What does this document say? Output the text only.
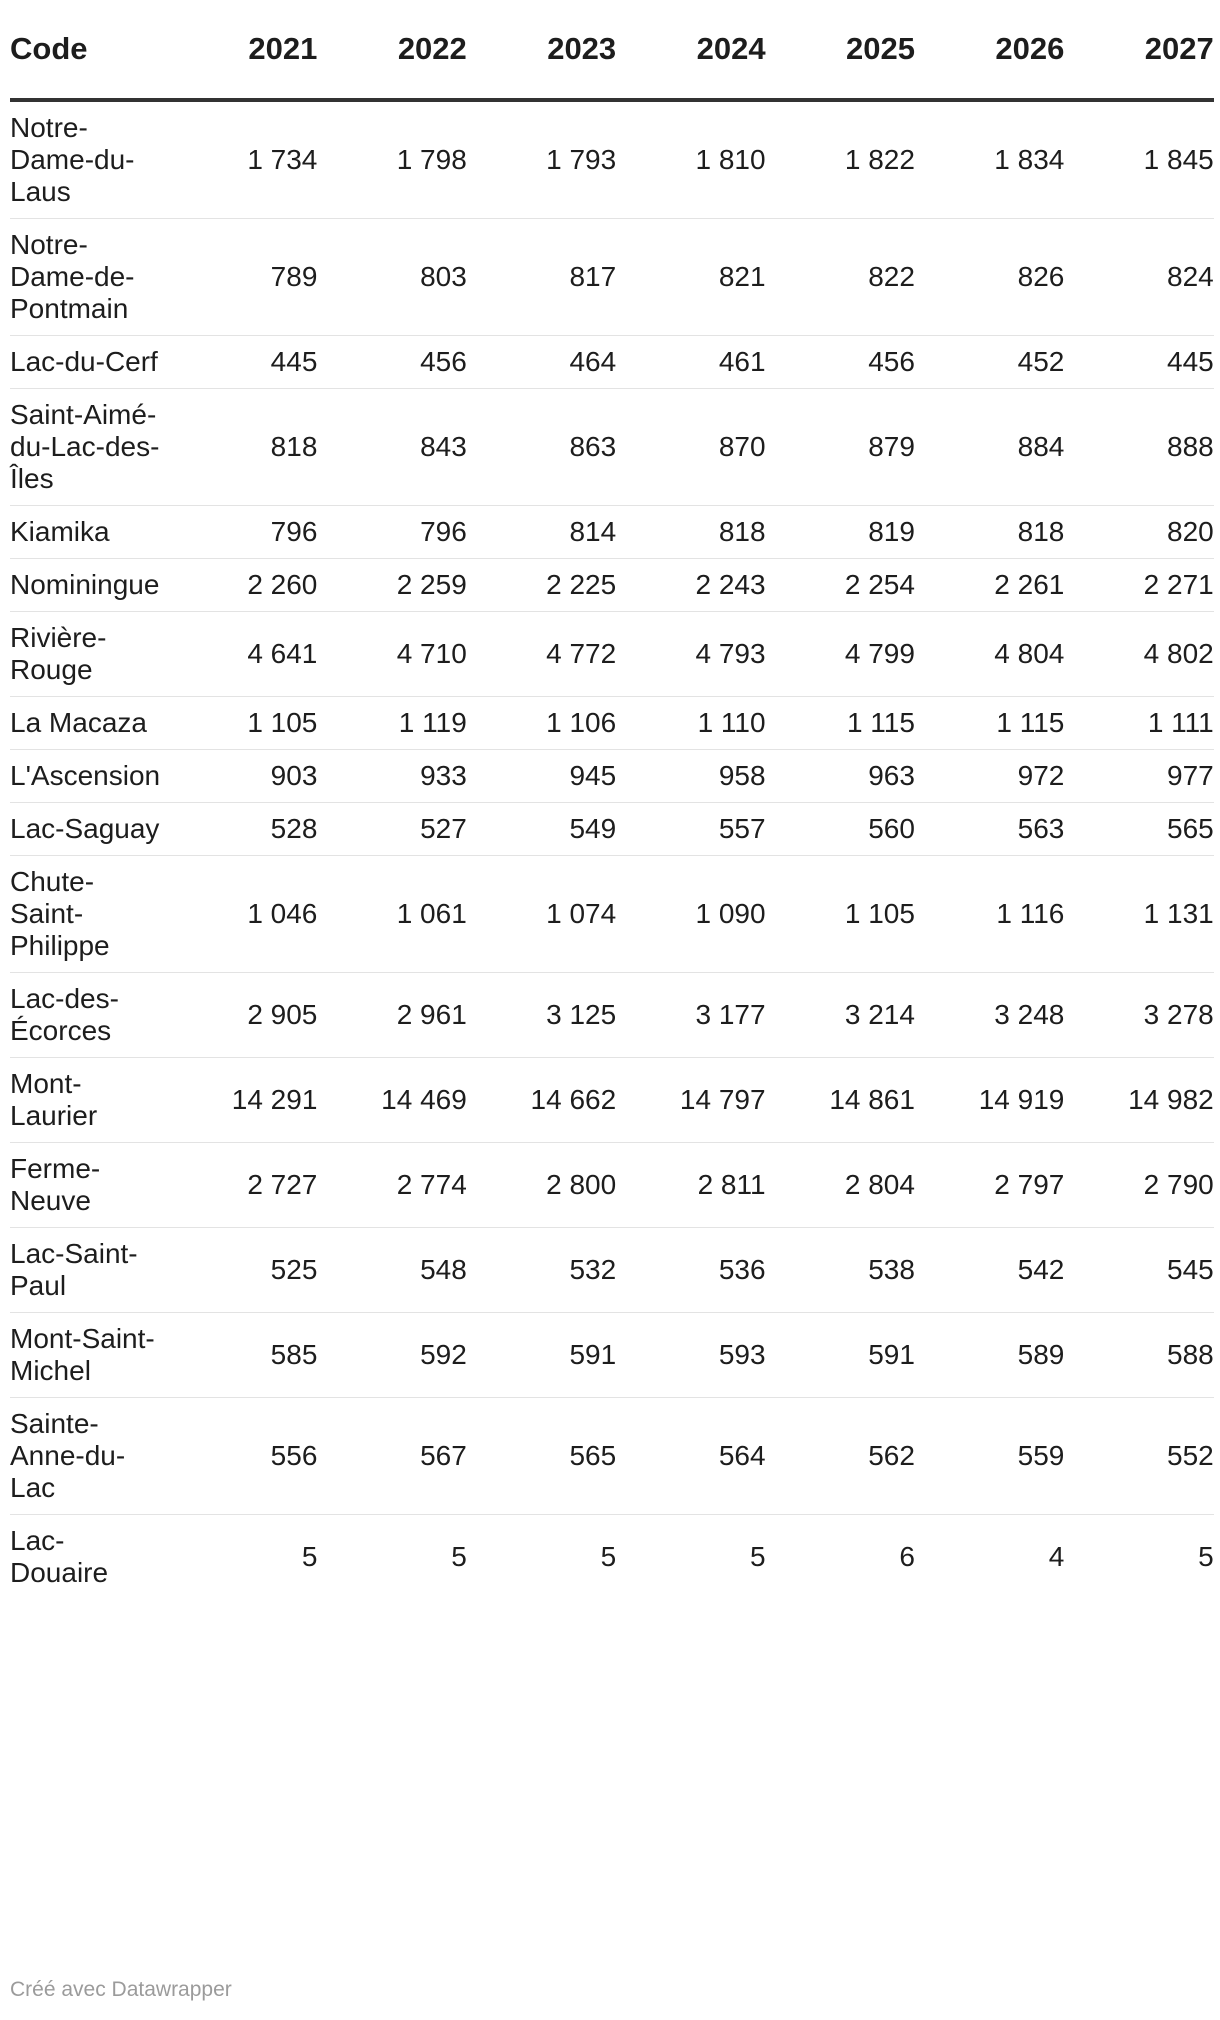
Code	2021	2022	2023	2024	2025	2026	2027
Notre-Dame-du-Laus	1 734	1 798	1 793	1 810	1 822	1 834	1 845
Notre-Dame-de-Pontmain	789	803	817	821	822	826	824
Lac-du-Cerf	445	456	464	461	456	452	445
Saint-Aimé-du-Lac-des-Îles	818	843	863	870	879	884	888
Kiamika	796	796	814	818	819	818	820
Nominingue	2 260	2 259	2 225	2 243	2 254	2 261	2 271
Rivière-Rouge	4 641	4 710	4 772	4 793	4 799	4 804	4 802
La Macaza	1 105	1 119	1 106	1 110	1 115	1 115	1 111
L'Ascension	903	933	945	958	963	972	977
Lac-Saguay	528	527	549	557	560	563	565
Chute-Saint-Philippe	1 046	1 061	1 074	1 090	1 105	1 116	1 131
Lac-des-Écorces	2 905	2 961	3 125	3 177	3 214	3 248	3 278
Mont-Laurier	14 291	14 469	14 662	14 797	14 861	14 919	14 982
Ferme-Neuve	2 727	2 774	2 800	2 811	2 804	2 797	2 790
Lac-Saint-Paul	525	548	532	536	538	542	545
Mont-Saint-Michel	585	592	591	593	591	589	588
Sainte-Anne-du-Lac	556	567	565	564	562	559	552
Lac-Douaire	5	5	5	5	6	4	5
Créé avec Datawrapper
